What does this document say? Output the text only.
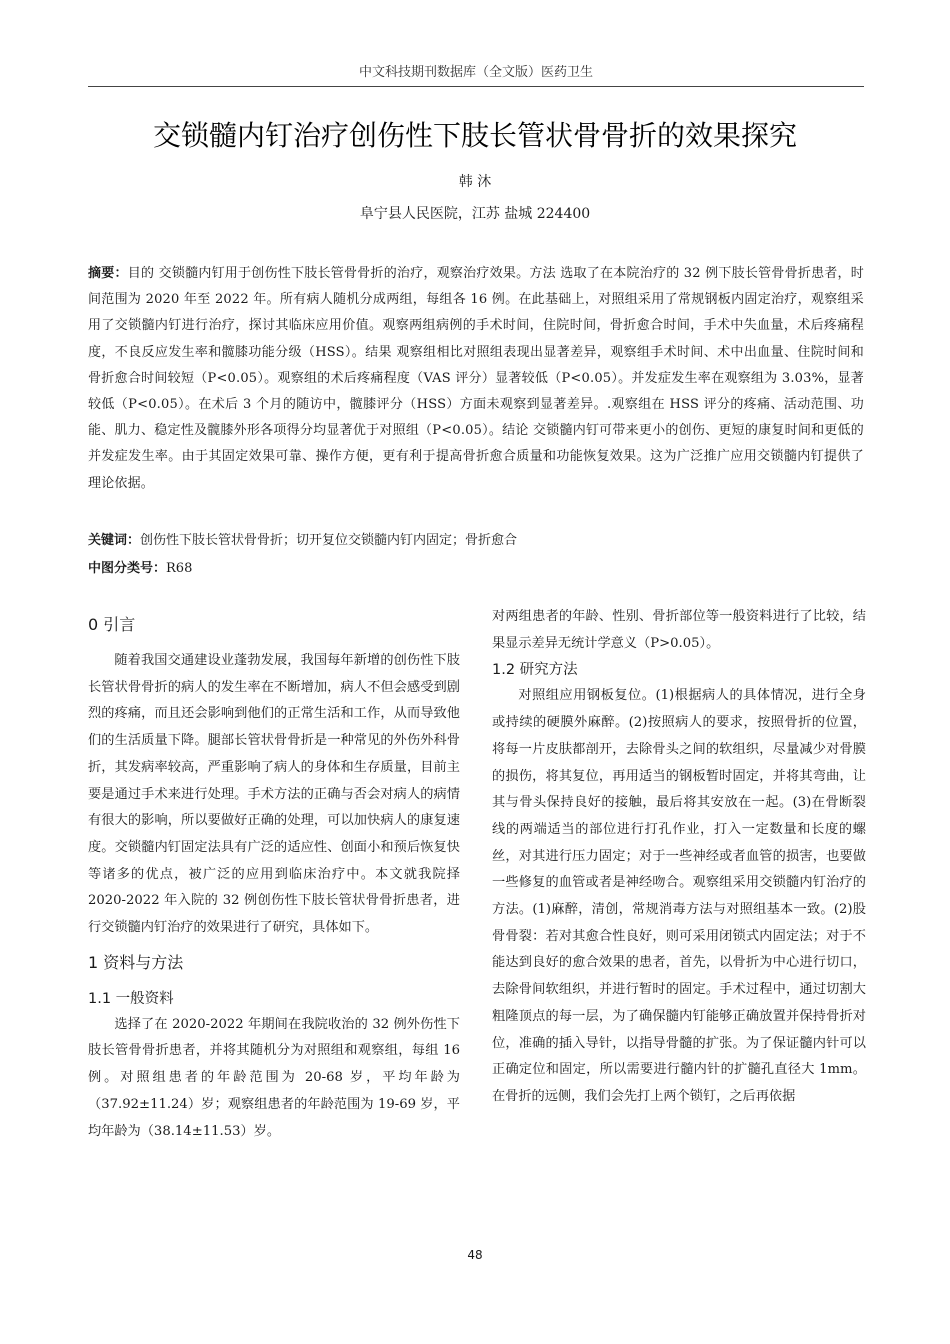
中文科技期刊数据库（全文版）医药卫生
交锁髓内钉治疗创伤性下肢长管状骨骨折的效果探究
韩 沐
阜宁县人民医院，江苏 盐城 224400
摘要：目的 交锁髓内钉用于创伤性下肢长管骨骨折的治疗，观察治疗效果。方法 选取了在本院治疗的 32 例下肢长管骨骨折患者，时间范围为 2020 年至 2022 年。所有病人随机分成两组，每组各 16 例。在此基础上，对照组采用了常规钢板内固定治疗，观察组采用了交锁髓内钉进行治疗，探讨其临床应用价值。观察两组病例的手术时间，住院时间，骨折愈合时间，手术中失血量，术后疼痛程度，不良反应发生率和髋膝功能分级（HSS）。结果 观察组相比对照组表现出显著差异，观察组手术时间、术中出血量、住院时间和骨折愈合时间较短（P<0.05）。观察组的术后疼痛程度（VAS 评分）显著较低（P<0.05）。并发症发生率在观察组为 3.03%，显著较低（P<0.05）。在术后 3 个月的随访中，髋膝评分（HSS）方面未观察到显著差异。.观察组在 HSS 评分的疼痛、活动范围、功能、肌力、稳定性及髋膝外形各项得分均显著优于对照组（P<0.05）。结论 交锁髓内钉可带来更小的创伤、更短的康复时间和更低的并发症发生率。由于其固定效果可靠、操作方便，更有利于提高骨折愈合质量和功能恢复效果。这为广泛推广应用交锁髓内钉提供了理论依据。
关键词：创伤性下肢长管状骨骨折；切开复位交锁髓内钉内固定；骨折愈合
中图分类号：R68
0 引言

随着我国交通建设业蓬勃发展，我国每年新增的创伤性下肢长管状骨骨折的病人的发生率在不断增加，病人不但会感受到剧烈的疼痛，而且还会影响到他们的正常生活和工作，从而导致他们的生活质量下降。腿部长管状骨骨折是一种常见的外伤外科骨折，其发病率较高，严重影响了病人的身体和生存质量，目前主要是通过手术来进行处理。手术方法的正确与否会对病人的病情有很大的影响，所以要做好正确的处理，可以加快病人的康复速度。交锁髓内钉固定法具有广泛的适应性、创面小和预后恢复快等诸多的优点，被广泛的应用到临床治疗中。本文就我院择 2020-2022 年入院的 32 例创伤性下肢长管状骨骨折患者，进行交锁髓内钉治疗的效果进行了研究，具体如下。

1 资料与方法
1.1 一般资料

选择了在 2020-2022 年期间在我院收治的 32 例外伤性下肢长管骨骨折患者，并将其随机分为对照组和观察组，每组 16 例。对照组患者的年龄范围为 20-68 岁，平均年龄为（37.92±11.24）岁；观察组患者的年龄范围为 19-69 岁，平均年龄为（38.14±11.53）岁。

对两组患者的年龄、性别、骨折部位等一般资料进行了比较，结果显示差异无统计学意义（P>0.05）。

1.2 研究方法

对照组应用钢板复位。(1)根据病人的具体情况，进行全身或持续的硬膜外麻醉。(2)按照病人的要求，按照骨折的位置，将每一片皮肤都剖开，去除骨头之间的软组织，尽量减少对骨膜的损伤，将其复位，再用适当的钢板暂时固定，并将其弯曲，让其与骨头保持良好的接触，最后将其安放在一起。(3)在骨断裂线的两端适当的部位进行打孔作业，打入一定数量和长度的螺丝，对其进行压力固定；对于一些神经或者血管的损害，也要做一些修复的血管或者是神经吻合。观察组采用交锁髓内钉治疗的方法。(1)麻醉，清创，常规消毒方法与对照组基本一致。(2)股骨骨裂：若对其愈合性良好，则可采用闭锁式内固定法；对于不能达到良好的愈合效果的患者，首先，以骨折为中心进行切口，去除骨间软组织，并进行暂时的固定。手术过程中，通过切割大粗隆顶点的每一层，为了确保髓内钉能够正确放置并保持骨折对位，准确的插入导针，以指导骨髓的扩张。为了保证髓内针可以正确定位和固定，所以需要进行髓内针的扩髓孔直径大 1mm。在骨折的远侧，我们会先打上两个锁钉，之后再依据

48
